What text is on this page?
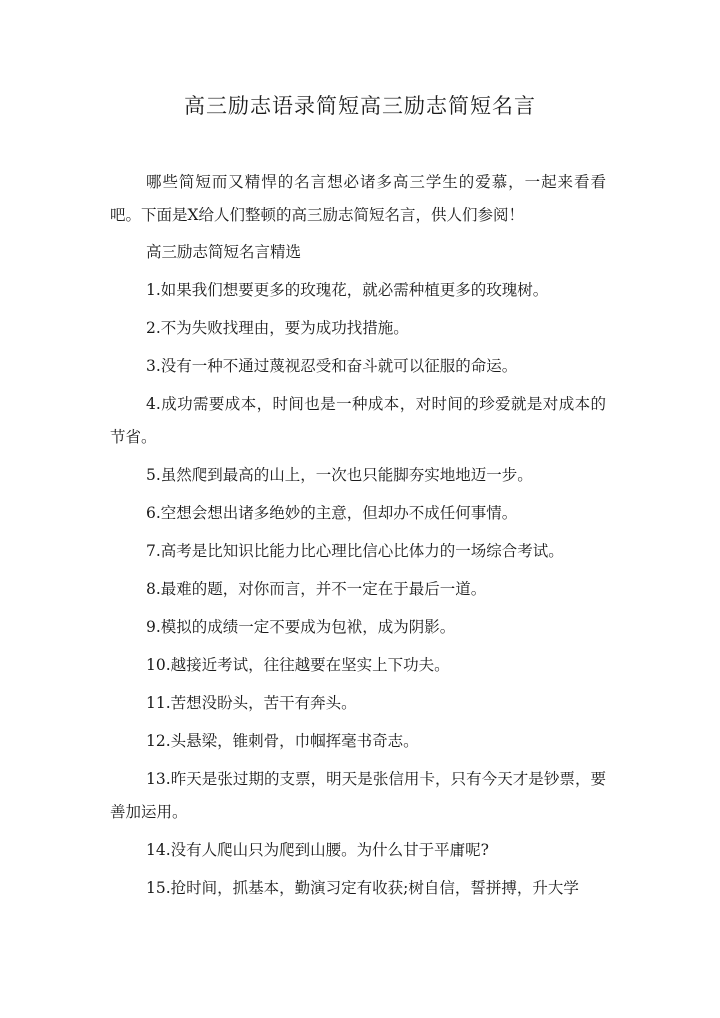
高三励志语录简短高三励志简短名言

哪些简短而又精悍的名言想必诸多高三学生的爱慕，一起来看看吧。下面是X给人们整顿的高三励志简短名言，供人们参阅！

高三励志简短名言精选

1.如果我们想要更多的玫瑰花，就必需种植更多的玫瑰树。

2.不为失败找理由，要为成功找措施。

3.没有一种不通过蔑视忍受和奋斗就可以征服的命运。

4.成功需要成本，时间也是一种成本，对时间的珍爱就是对成本的节省。

5.虽然爬到最高的山上，一次也只能脚夯实地地迈一步。

6.空想会想出诸多绝妙的主意，但却办不成任何事情。

7.高考是比知识比能力比心理比信心比体力的一场综合考试。

8.最难的题，对你而言，并不一定在于最后一道。

9.模拟的成绩一定不要成为包袱，成为阴影。

10.越接近考试，往往越要在坚实上下功夫。

11.苦想没盼头，苦干有奔头。

12.头悬梁，锥刺骨，巾帼挥毫书奇志。

13.昨天是张过期的支票，明天是张信用卡，只有今天才是钞票，要善加运用。

14.没有人爬山只为爬到山腰。为什么甘于平庸呢?

15.抢时间，抓基本，勤演习定有收获;树自信，誓拼搏，升大学
